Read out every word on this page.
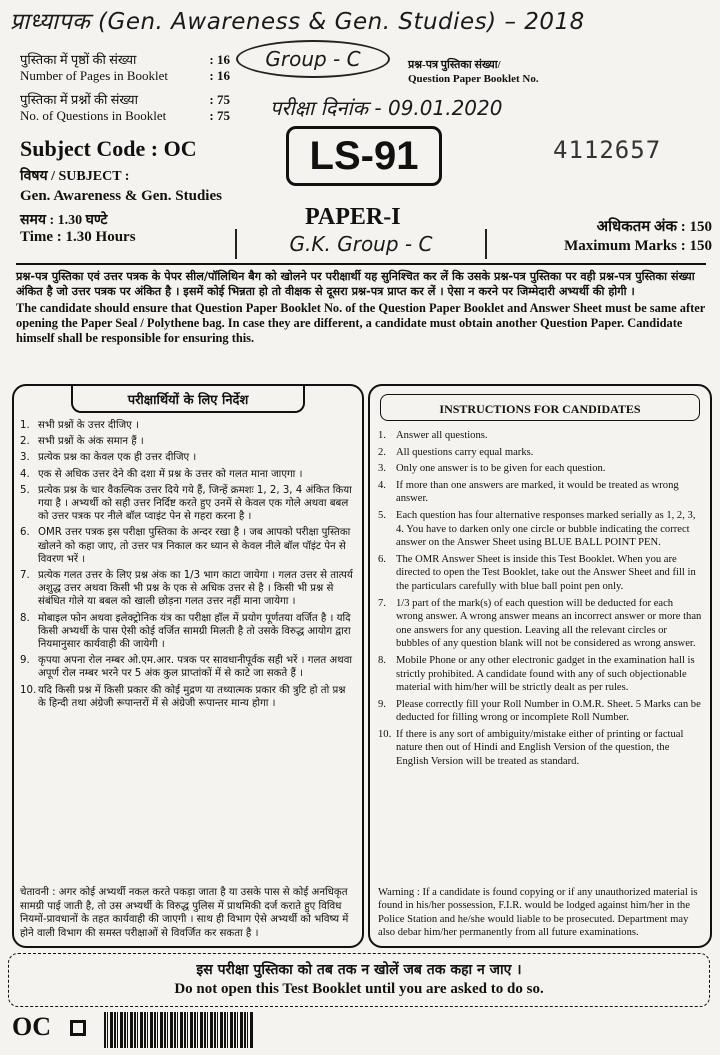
प्राध्यापक (Gen. Awareness & Gen. Studies) – 2018
पुस्तिका में पृष्ठों की संख्या	: 16
Number of Pages in Booklet	: 16
पुस्तिका में प्रश्नों की संख्या	: 75
No. of Questions in Booklet	: 75
Group - C	प्रश्न-पत्र पुस्तिका संख्या/
Question Paper Booklet No.
परीक्षा दिनांक - 09.01.2020
Subject Code : OC
विषय / SUBJECT :
Gen. Awareness & Gen. Studies
समय : 1.30 घण्टे
Time : 1.30 Hours
LS-91	4112657
PAPER-I
G.K. Group - C
अधिकतम अंक : 150
Maximum Marks : 150
प्रश्न-पत्र पुस्तिका एवं उत्तर पत्रक के पेपर सील/पॉलिथिन बैग को खोलने पर परीक्षार्थी यह सुनिश्चित कर लें कि उसके प्रश्न-पत्र पुस्तिका पर वही प्रश्न-पत्र पुस्तिका संख्या अंकित है जो उत्तर पत्रक पर अंकित है । इसमें कोई भिन्नता हो तो वीक्षक से दूसरा प्रश्न-पत्र प्राप्त कर लें । ऐसा न करने पर जिम्मेदारी अभ्यर्थी की होगी ।
The candidate should ensure that Question Paper Booklet No. of the Question Paper Booklet and Answer Sheet must be same after opening the Paper Seal / Polythene bag. In case they are different, a candidate must obtain another Question Paper. Candidate himself shall be responsible for ensuring this.
परीक्षार्थियों के लिए निर्देश
1. सभी प्रश्नों के उत्तर दीजिए ।
2. सभी प्रश्नों के अंक समान हैं ।
3. प्रत्येक प्रश्न का केवल एक ही उत्तर दीजिए ।
4. एक से अधिक उत्तर देने की दशा में प्रश्न के उत्तर को गलत माना जाएगा ।
5. प्रत्येक प्रश्न के चार वैकल्पिक उत्तर दिये गये हैं, जिन्हें क्रमशः 1, 2, 3, 4 अंकित किया गया है । अभ्यर्थी को सही उत्तर निर्दिष्ट करते हुए उनमें से केवल एक गोले अथवा बबल को उत्तर पत्रक पर नीले बॉल प्वाइंट पेन से गहरा करना है ।
6. OMR उत्तर पत्रक इस परीक्षा पुस्तिका के अन्दर रखा है । जब आपको परीक्षा पुस्तिका खोलने को कहा जाए, तो उत्तर पत्र निकाल कर ध्यान से केवल नीले बॉल पॉइंट पेन से विवरण भरें ।
7. प्रत्येक गलत उत्तर के लिए प्रश्न अंक का 1/3 भाग काटा जायेगा । गलत उत्तर से तात्पर्य अशुद्ध उत्तर अथवा किसी भी प्रश्न के एक से अधिक उत्तर से है । किसी भी प्रश्न से संबंधित गोले या बबल को खाली छोड़ना गलत उत्तर नहीं माना जायेगा ।
8. मोबाइल फोन अथवा इलेक्ट्रोनिक यंत्र का परीक्षा हॉल में प्रयोग पूर्णतया वर्जित है । यदि किसी अभ्यर्थी के पास ऐसी कोई वर्जित सामग्री मिलती है तो उसके विरुद्ध आयोग द्वारा नियमानुसार कार्यवाही की जायेगी ।
9. कृपया अपना रोल नम्बर ओ.एम.आर. पत्रक पर सावधानीपूर्वक सही भरें । गलत अथवा अपूर्ण रोल नम्बर भरने पर 5 अंक कुल प्राप्तांकों में से काटे जा सकते हैं ।
10. यदि किसी प्रश्न में किसी प्रकार की कोई मुद्रण या तथ्यात्मक प्रकार की त्रुटि हो तो प्रश्न के हिन्दी तथा अंग्रेजी रूपान्तरों में से अंग्रेजी रूपान्तर मान्य होगा ।
चेतावनी : अगर कोई अभ्यर्थी नकल करते पकड़ा जाता है या उसके पास से कोई अनधिकृत सामग्री पाई जाती है, तो उस अभ्यर्थी के विरुद्ध पुलिस में प्राथमिकी दर्ज कराते हुए विविध नियमों-प्रावधानों के तहत कार्यवाही की जाएगी । साथ ही विभाग ऐसे अभ्यर्थी को भविष्य में होने वाली विभाग की समस्त परीक्षाओं से विवर्जित कर सकता है ।
INSTRUCTIONS FOR CANDIDATES
1. Answer all questions.
2. All questions carry equal marks.
3. Only one answer is to be given for each question.
4. If more than one answers are marked, it would be treated as wrong answer.
5. Each question has four alternative responses marked serially as 1, 2, 3, 4. You have to darken only one circle or bubble indicating the correct answer on the Answer Sheet using BLUE BALL POINT PEN.
6. The OMR Answer Sheet is inside this Test Booklet. When you are directed to open the Test Booklet, take out the Answer Sheet and fill in the particulars carefully with blue ball point pen only.
7. 1/3 part of the mark(s) of each question will be deducted for each wrong answer. A wrong answer means an incorrect answer or more than one answers for any question. Leaving all the relevant circles or bubbles of any question blank will not be considered as wrong answer.
8. Mobile Phone or any other electronic gadget in the examination hall is strictly prohibited. A candidate found with any of such objectionable material with him/her will be strictly dealt as per rules.
9. Please correctly fill your Roll Number in O.M.R. Sheet. 5 Marks can be deducted for filling wrong or incomplete Roll Number.
10. If there is any sort of ambiguity/mistake either of printing or factual nature then out of Hindi and English Version of the question, the English Version will be treated as standard.
Warning : If a candidate is found copying or if any unauthorized material is found in his/her possession, F.I.R. would be lodged against him/her in the Police Station and he/she would liable to be prosecuted. Department may also debar him/her permanently from all future examinations.
इस परीक्षा पुस्तिका को तब तक न खोलें जब तक कहा न जाए ।
Do not open this Test Booklet until you are asked to do so.
OC
